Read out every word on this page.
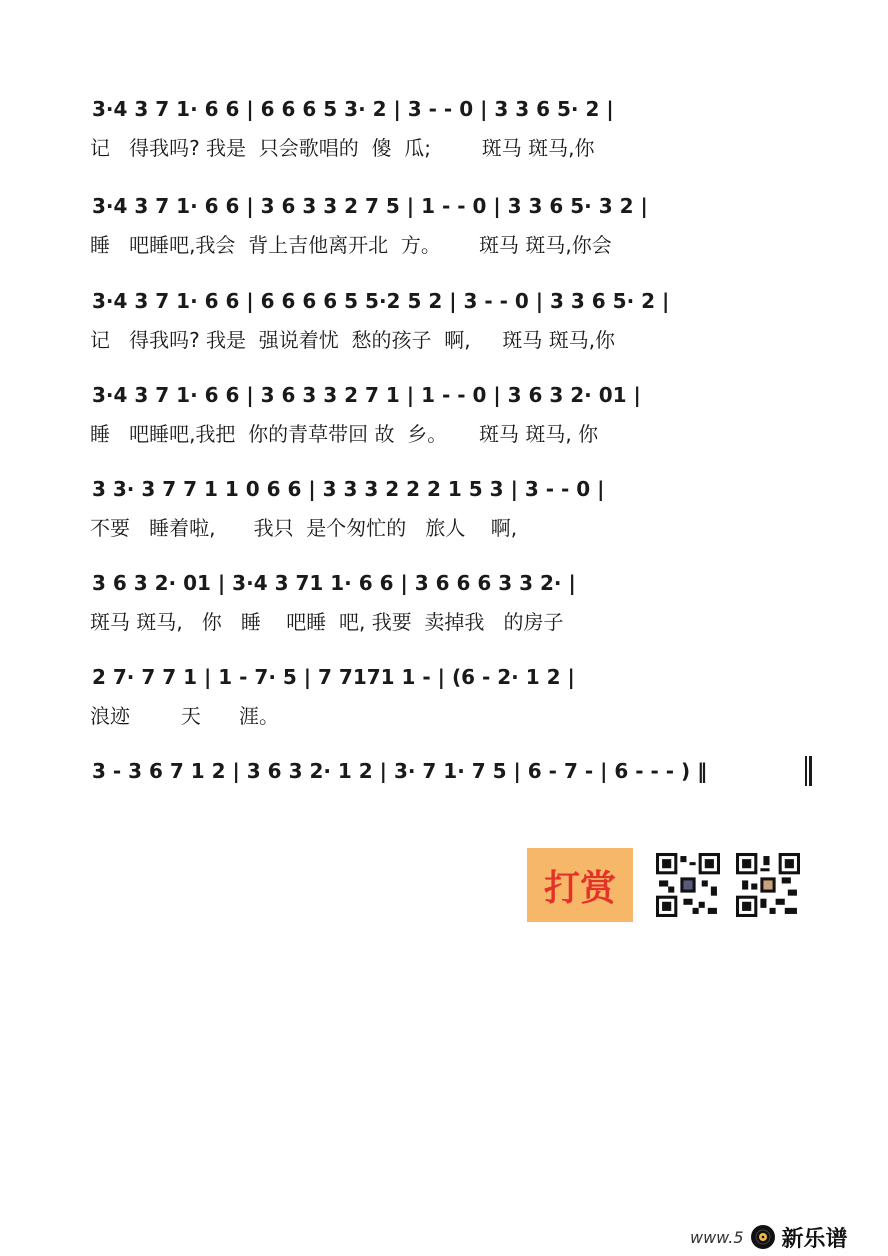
3·4 3 7 1· 6 6 | 6 6 6 5 3· 2 | 3 - - 0 | 3 3 6 5· 2 |
记   得我吗? 我是  只会歌唱的  傻  瓜;        斑马 斑马,你
3·4 3 7 1· 6 6 | 3 6 3 3 2 7 5 | 1 - - 0 | 3 3 6 5· 3 2 |
睡   吧睡吧,我会  背上吉他离开北  方。      斑马 斑马,你会
3·4 3 7 1· 6 6 | 6 6 6 6 5 5·2 5 2 | 3 - - 0 | 3 3 6 5· 2 |
记   得我吗? 我是  强说着忧  愁的孩子  啊,     斑马 斑马,你
3·4 3 7 1· 6 6 | 3 6 3 3 2 7 1 | 1 - - 0 | 3 6 3 2· 01 |
睡   吧睡吧,我把  你的青草带回 故  乡。     斑马 斑马, 你
3 3· 3 7 7 1 1 0 6 6 | 3 3 3 2 2 2 1 5 3 | 3 - - 0 |
不要   睡着啦,      我只  是个匆忙的   旅人    啊,
3 6 3 2· 01 | 3·4 3 71 1· 6 6 | 3 6 6 6 3 3 2· |
斑马 斑马,   你   睡    吧睡  吧, 我要  卖掉我   的房子
2 7· 7 7 1 | 1 - 7· 5 | 7 7171 1 - | (6 - 2· 1 2 |
浪迹        天      涯。
3 - 3 6 7 1 2 | 3 6 3 2· 1 2 | 3· 7 1· 7 5 | 6 - 7 - | 6 - - - ) ‖
打赏
www.5 新乐谱
